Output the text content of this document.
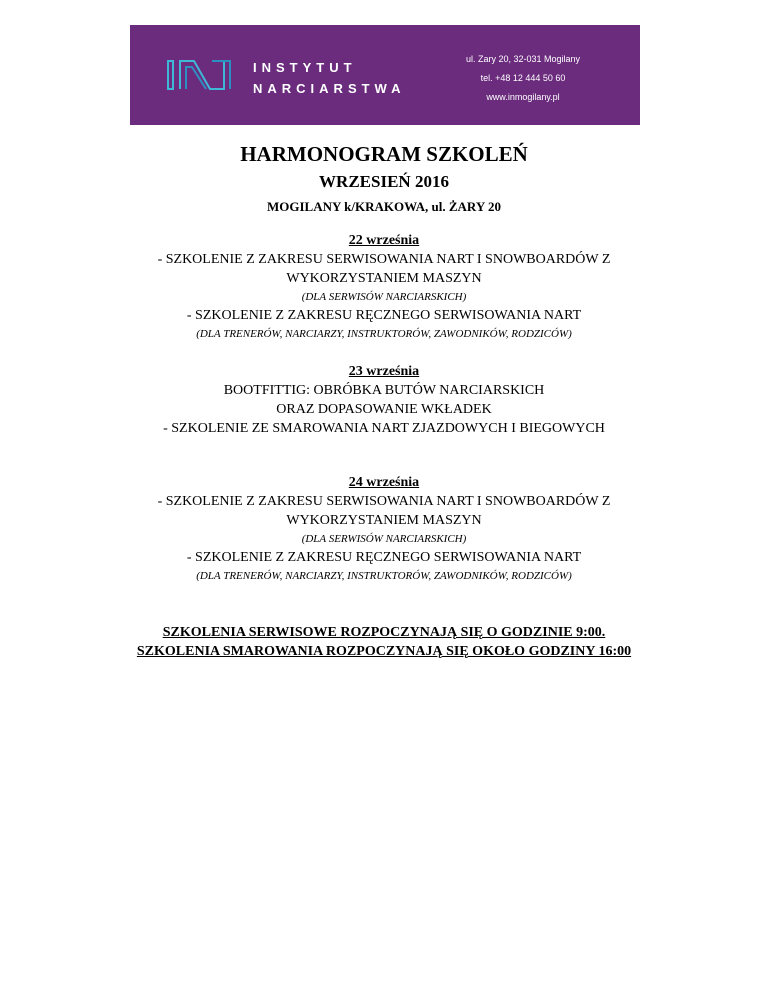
INSTYTUT
NARCIARSTWA
ul. Zary 20, 32-031 Mogilany
tel. +48 12 444 50 60
www.inmogilany.pl
HARMONOGRAM SZKOLEŃ
WRZESIEŃ 2016
MOGILANY k/KRAKOWA, ul. ŻARY 20
22 września
- SZKOLENIE Z ZAKRESU SERWISOWANIA NART I SNOWBOARDÓW Z
WYKORZYSTANIEM MASZYN
(DLA SERWISÓW NARCIARSKICH)
- SZKOLENIE Z ZAKRESU RĘCZNEGO SERWISOWANIA NART
(DLA TRENERÓW, NARCIARZY, INSTRUKTORÓW, ZAWODNIKÓW, RODZICÓW)
23 września
BOOTFITTIG: OBRÓBKA BUTÓW NARCIARSKICH
ORAZ DOPASOWANIE WKŁADEK
- SZKOLENIE ZE SMAROWANIA NART ZJAZDOWYCH I BIEGOWYCH
24 września
- SZKOLENIE Z ZAKRESU SERWISOWANIA NART I SNOWBOARDÓW Z
WYKORZYSTANIEM MASZYN
(DLA SERWISÓW NARCIARSKICH)
- SZKOLENIE Z ZAKRESU RĘCZNEGO SERWISOWANIA NART
(DLA TRENERÓW, NARCIARZY, INSTRUKTORÓW, ZAWODNIKÓW, RODZICÓW)
SZKOLENIA SERWISOWE ROZPOCZYNAJĄ SIĘ O GODZINIE 9:00.
SZKOLENIA SMAROWANIA ROZPOCZYNAJĄ SIĘ OKOŁO GODZINY 16:00
